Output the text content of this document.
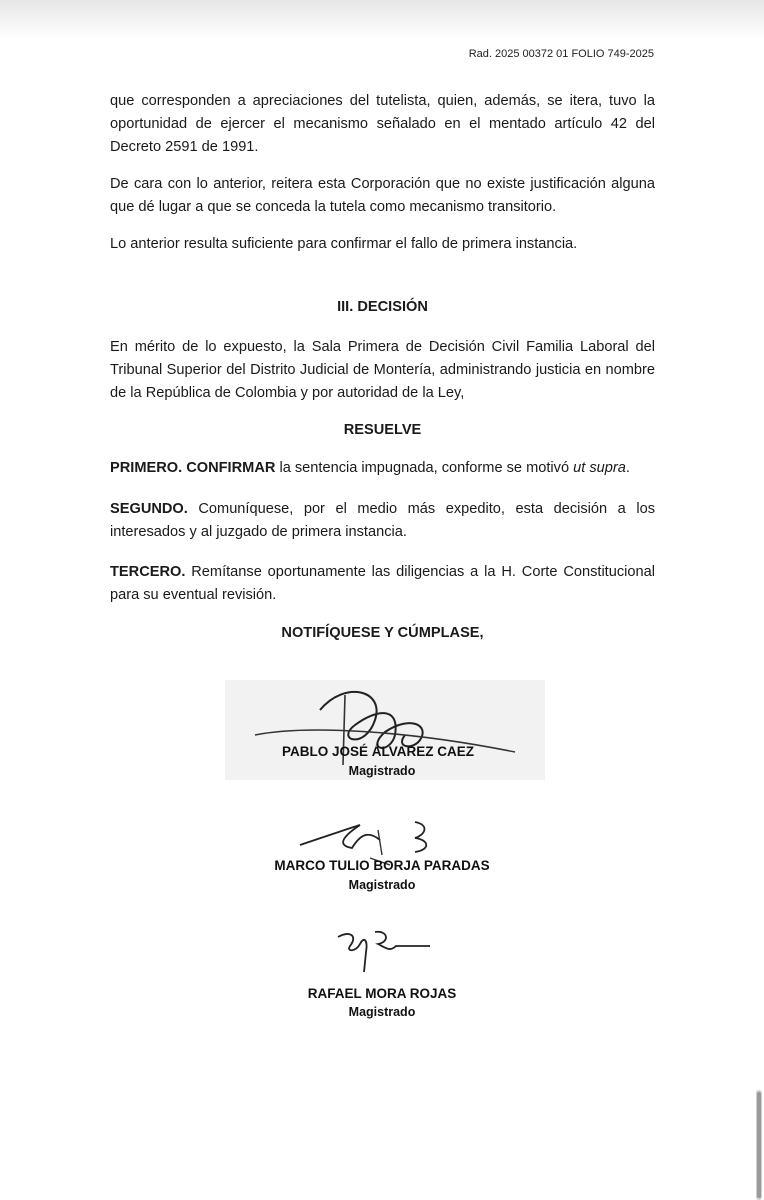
Rad. 2025 00372 01 FOLIO 749-2025
que corresponden a apreciaciones del tutelista, quien, además, se itera, tuvo la oportunidad de ejercer el mecanismo señalado en el mentado artículo 42 del Decreto 2591 de 1991.
De cara con lo anterior, reitera esta Corporación que no existe justificación alguna que dé lugar a que se conceda la tutela como mecanismo transitorio.
Lo anterior resulta suficiente para confirmar el fallo de primera instancia.
III. DECISIÓN
En mérito de lo expuesto, la Sala Primera de Decisión Civil Familia Laboral del Tribunal Superior del Distrito Judicial de Montería, administrando justicia en nombre de la República de Colombia y por autoridad de la Ley,
RESUELVE
PRIMERO. CONFIRMAR la sentencia impugnada, conforme se motivó ut supra.
SEGUNDO. Comuníquese, por el medio más expedito, esta decisión a los interesados y al juzgado de primera instancia.
TERCERO. Remítanse oportunamente las diligencias a la H. Corte Constitucional para su eventual revisión.
NOTIFÍQUESE Y CÚMPLASE,
PABLO JOSÉ ÁLVAREZ CAEZ
Magistrado
MARCO TULIO BORJA PARADAS
Magistrado
RAFAEL MORA ROJAS
Magistrado
